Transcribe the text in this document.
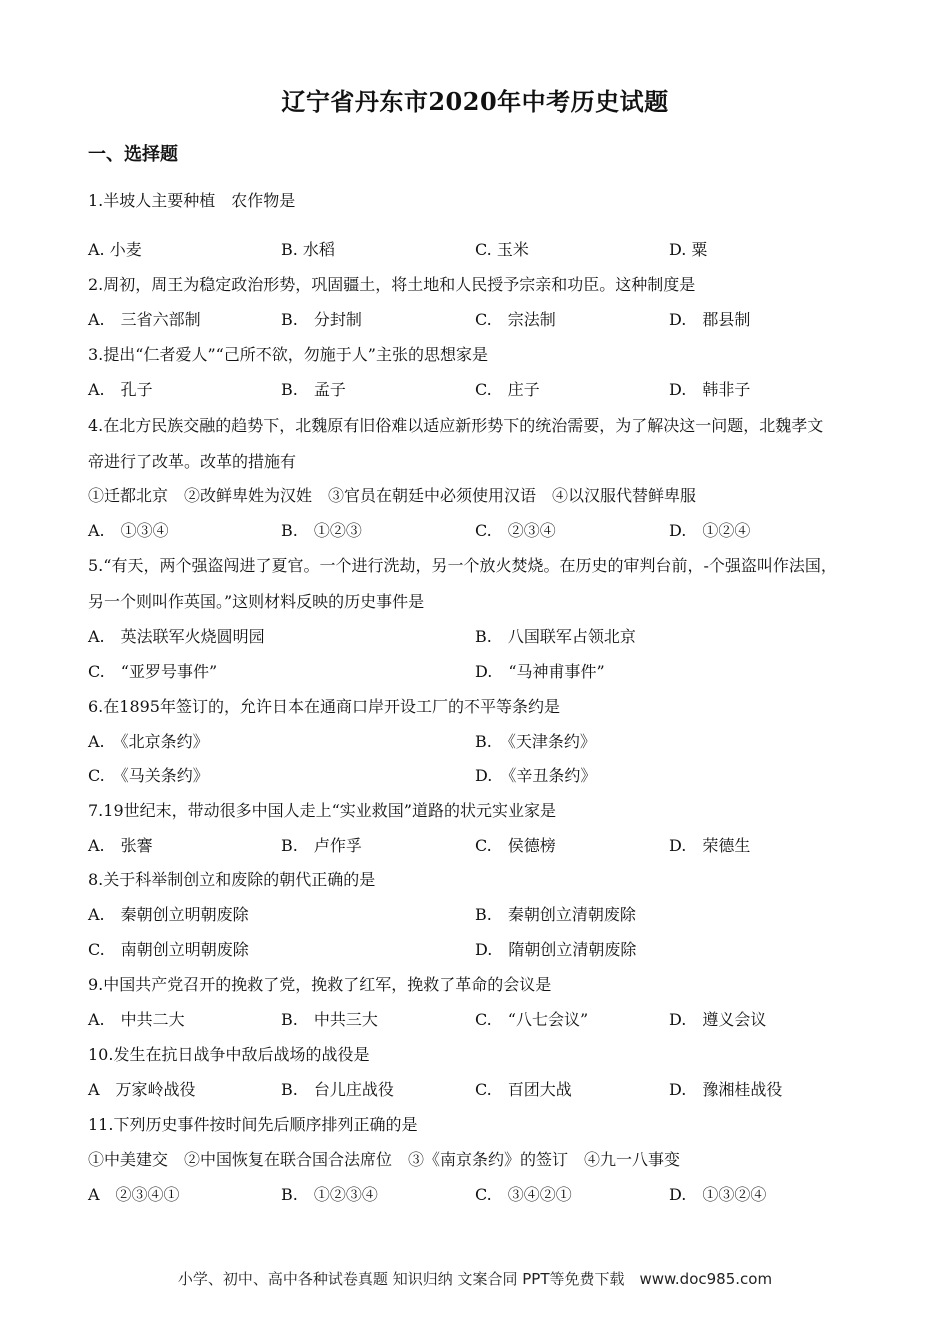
辽宁省丹东市2020年中考历史试题
一、选择题
1.半坡人主要种植　农作物是
A. 小麦	B. 水稻	C. 玉米	D. 粟
2.周初，周王为稳定政治形势，巩固疆土，将土地和人民授予宗亲和功臣。这种制度是
A.　三省六部制	B.　分封制	C.　宗法制	D.　郡县制
3.提出“仁者爱人”“己所不欲，勿施于人”主张的思想家是
A.　孔子	B.　孟子	C.　庄子	D.　韩非子
4.在北方民族交融的趋势下，北魏原有旧俗难以适应新形势下的统治需要，为了解决这一问题，北魏孝文
帝进行了改革。改革的措施有
①迁都北京　②改鲜卑姓为汉姓　③官员在朝廷中必须使用汉语　④以汉服代替鲜卑服
A.　①③④	B.　①②③	C.　②③④	D.　①②④
5.“有天，两个强盗闯进了夏官。一个进行洗劫，另一个放火焚烧。在历史的审判台前，-个强盗叫作法国，
另一个则叫作英国。”这则材料反映的历史事件是
A.　英法联军火烧圆明园	B.　八国联军占领北京
C.　“亚罗号事件”	D.　“马神甫事件”
6.在1895年签订的，允许日本在通商口岸开设工厂的不平等条约是
A.　《北京条约》	B.　《天津条约》
C.　《马关条约》	D.　《辛丑条约》
7.19世纪末，带动很多中国人走上“实业救国”道路的状元实业家是
A.　张謇	B.　卢作孚	C.　侯德榜	D.　荣德生
8.关于科举制创立和废除的朝代正确的是
A.　秦朝创立明朝废除	B.　秦朝创立清朝废除
C.　南朝创立明朝废除	D.　隋朝创立清朝废除
9.中国共产党召开的挽救了党，挽救了红军，挽救了革命的会议是
A.　中共二大	B.　中共三大	C.　“八七会议”	D.　遵义会议
10.发生在抗日战争中敌后战场的战役是
A　万家岭战役	B.　台儿庄战役	C.　百团大战	D.　豫湘桂战役
11.下列历史事件按时间先后顺序排列正确的是
①中美建交　②中国恢复在联合国合法席位　③《南京条约》的签订　④九一八事变
A　②③④①	B.　①②③④	C.　③④②①	D.　①③②④
小学、初中、高中各种试卷真题 知识归纳 文案合同 PPT等免费下载　www.doc985.com
